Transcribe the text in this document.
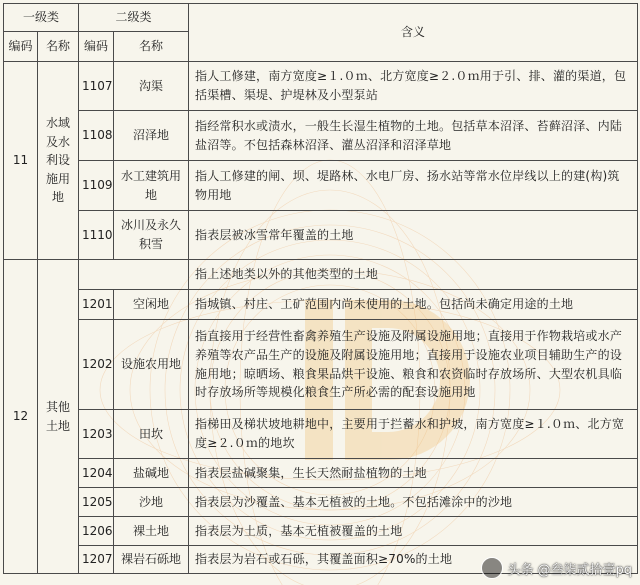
一级类		二级类		含义
编码	名称	编码	名称	
11	水域及水利设施用地	1107	沟渠	指人工修建，南方宽度≥１.０ｍ、北方宽度≥２.０ｍ用于引、排、灌的渠道，包括渠槽、渠堤、护堤林及小型泵站
		1108	沼泽地	指经常积水或渍水，一般生长湿生植物的土地。包括草本沼泽、苔藓沼泽、内陆盐沼等。不包括森林沼泽、灌丛沼泽和沼泽草地
		1109	水工建筑用地	指人工修建的闸、坝、堤路林、水电厂房、扬水站等常水位岸线以上的建(构)筑物用地
		1110	冰川及永久积雪	指表层被冰雪常年覆盖的土地
12	其他土地			指上述地类以外的其他类型的土地
		1201	空闲地	指城镇、村庄、工矿范围内尚未使用的土地。包括尚未确定用途的土地
		1202	设施农用地	指直接用于经营性畜禽养殖生产设施及附属设施用地；直接用于作物栽培或水产养殖等农产品生产的设施及附属设施用地；直接用于设施农业项目辅助生产的设施用地；晾晒场、粮食果品烘干设施、粮食和农资临时存放场所、大型农机具临时存放场所等规模化粮食生产所必需的配套设施用地
		1203	田坎	指梯田及梯状坡地耕地中，主要用于拦蓄水和护坡，南方宽度≥１.０ｍ、北方宽度≥２.０ｍ的地坎
		1204	盐碱地	指表层盐碱聚集，生长天然耐盐植物的土地
		1205	沙地	指表层为沙覆盖、基本无植被的土地。不包括滩涂中的沙地
		1206	裸土地	指表层为土质，基本无植被覆盖的土地
		1207	裸岩石砾地	指表层为岩石或石砾，其覆盖面积≥70%的土地
头条 @叁柒贰拾壹pq
